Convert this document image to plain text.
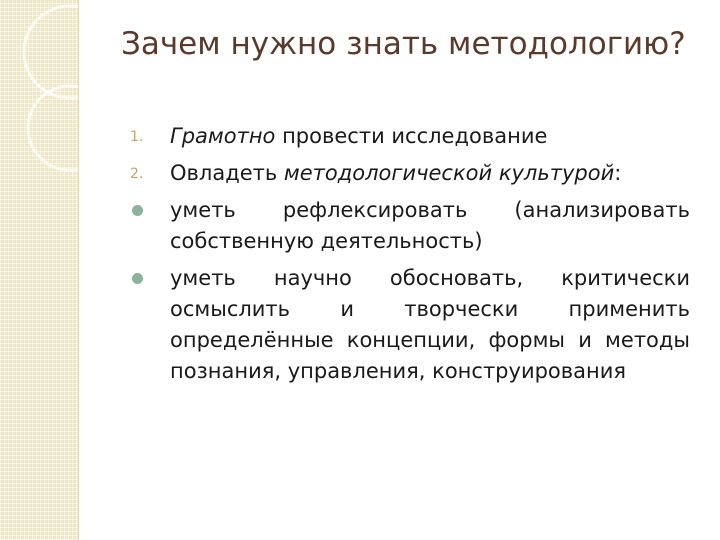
Зачем нужно знать методологию?
1. Грамотно провести исследование
2. Овладеть методологической культурой:
уметь рефлексировать (анализировать собственную деятельность)
уметь научно обосновать, критически осмыслить и творчески применить определённые концепции, формы и методы познания, управления, конструирования
